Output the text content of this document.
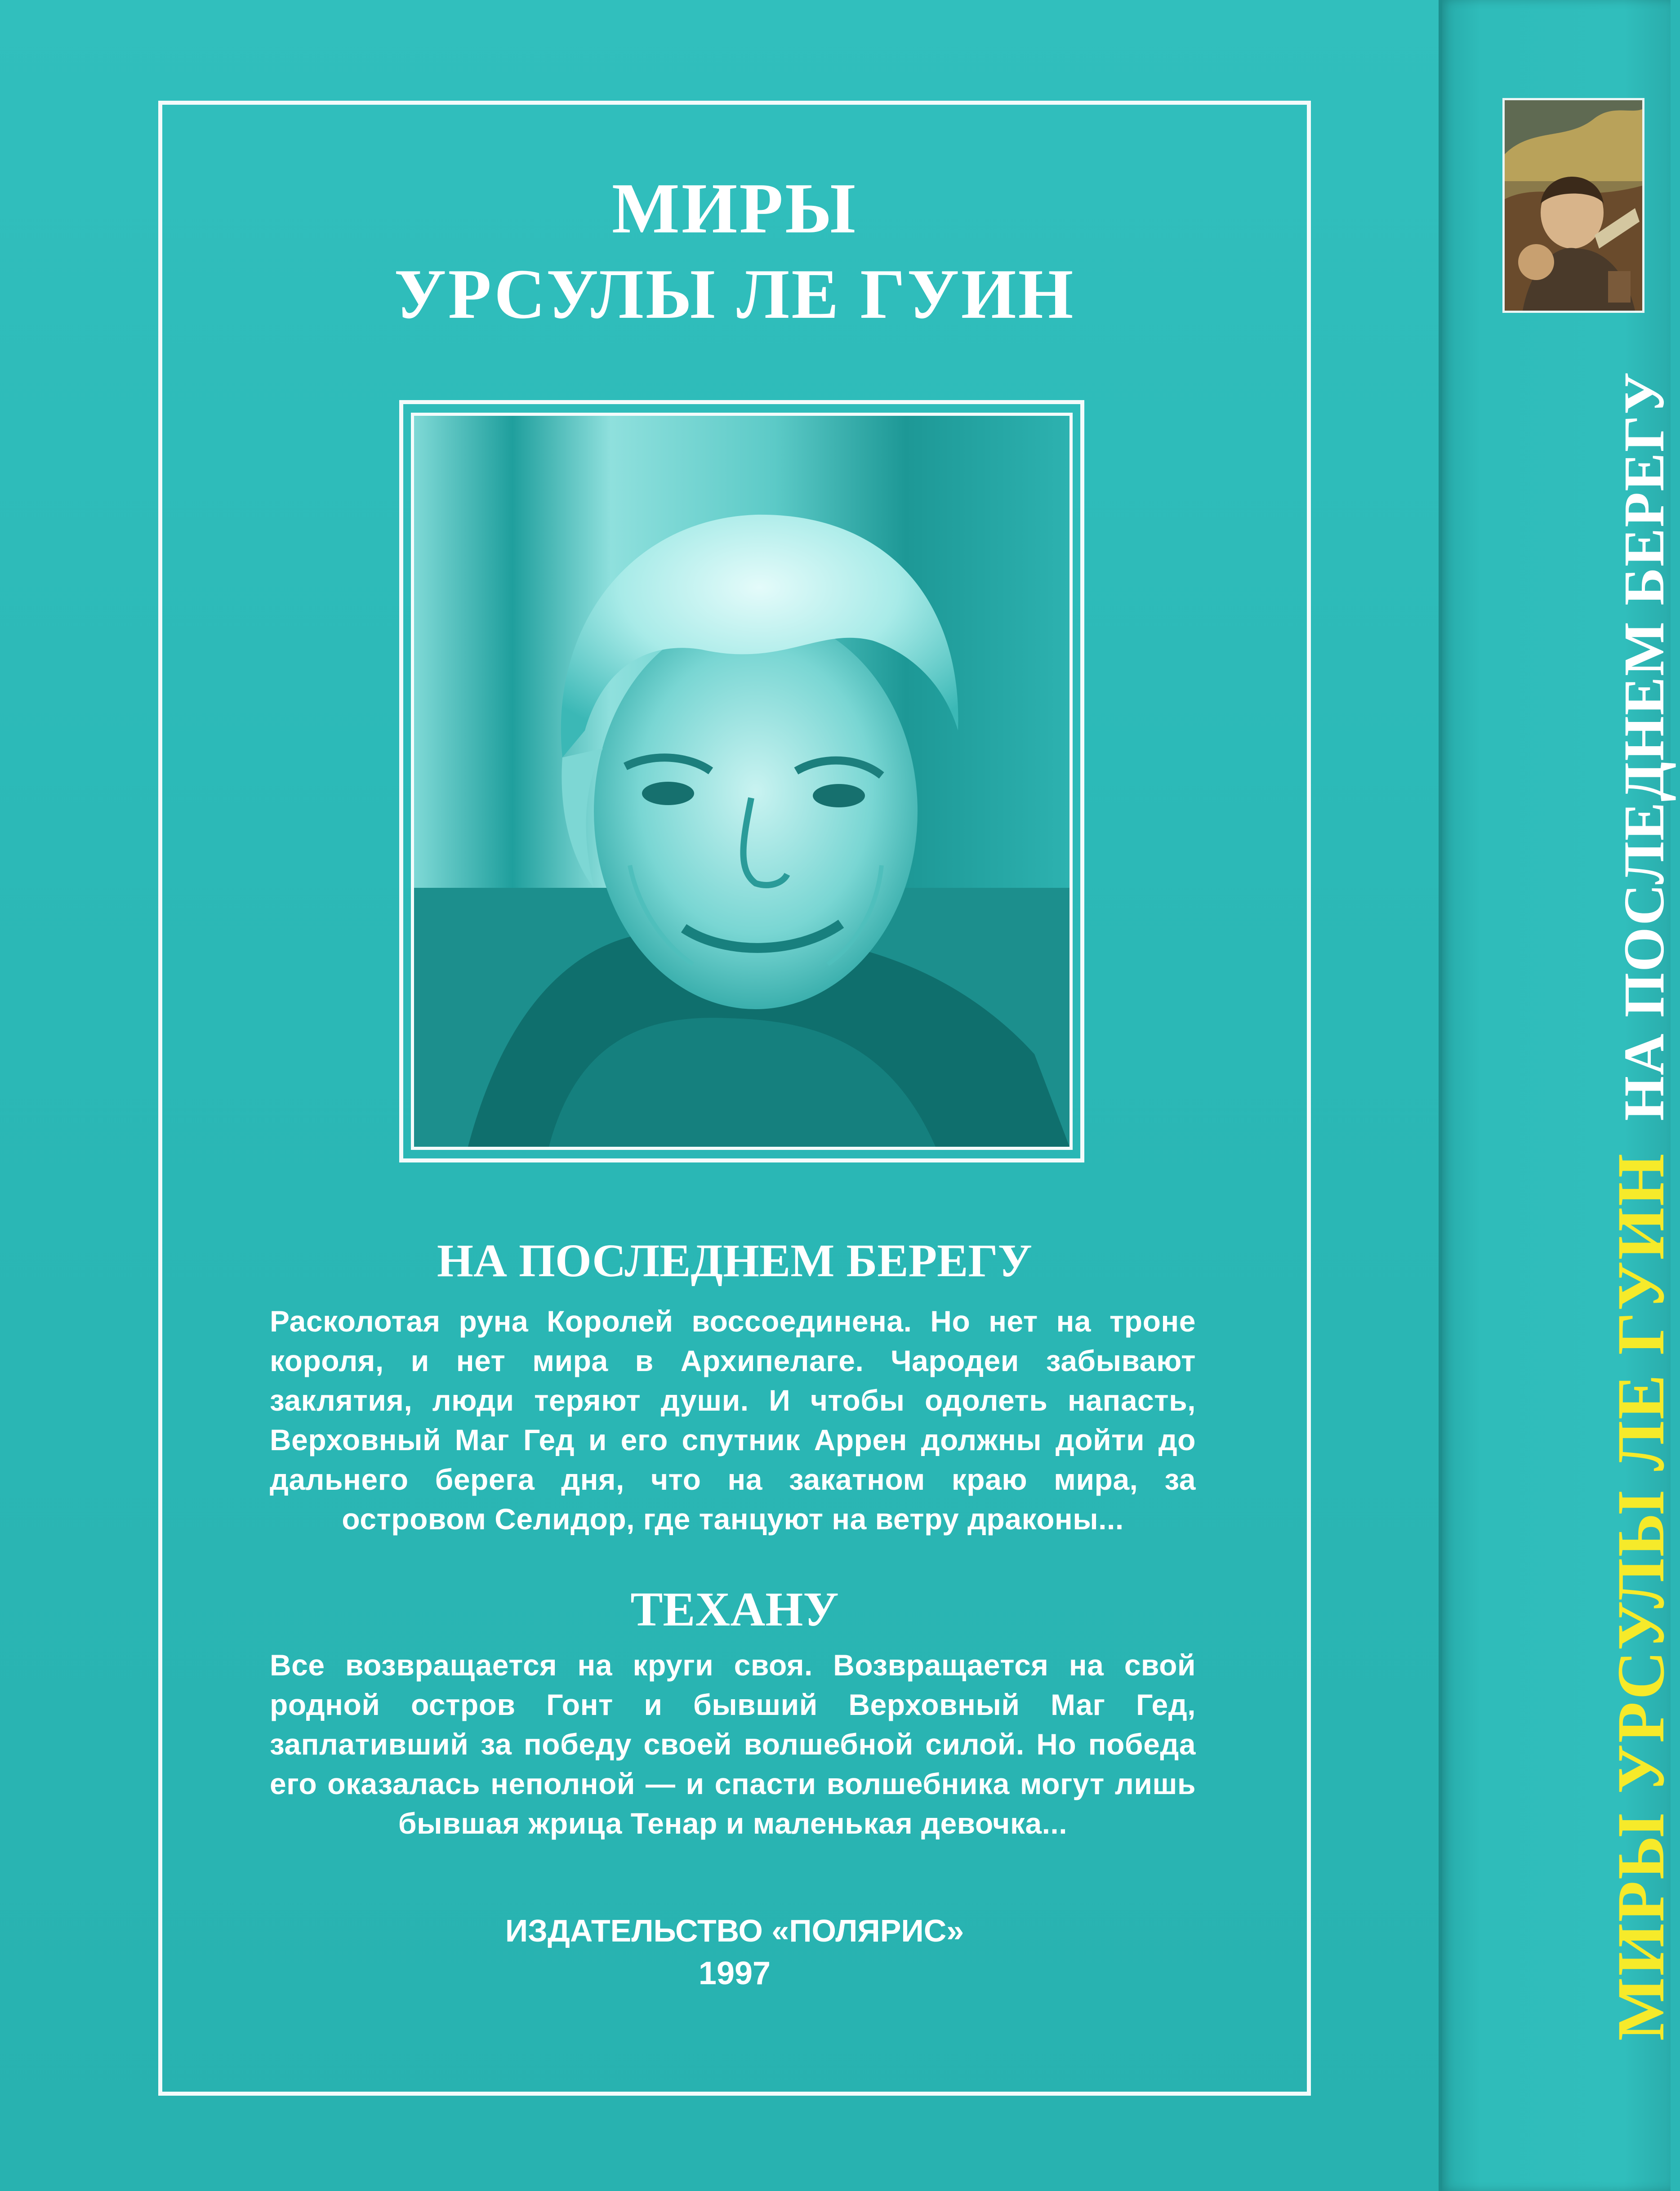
МИРЫ
УРСУЛЫ ЛЕ ГУИН
НА ПОСЛЕДНЕМ БЕРЕГУ

Расколотая руна Королей воссоединена. Но нет на троне короля, и нет мира в Архипелаге. Чародеи забывают заклятия, люди теряют души. И чтобы одолеть напасть, Верховный Маг Гед и его спутник Аррен должны дойти до дальнего берега дня, что на закатном краю мира, за островом Селидор, где танцуют на ветру драконы...

ТЕХАНУ

Все возвращается на круги своя. Возвращается на свой родной остров Гонт и бывший Верховный Маг Гед, заплативший за победу своей волшебной силой. Но победа его оказалась неполной — и спасти волшебника могут лишь бывшая жрица Тенар и маленькая девочка...

ИЗДАТЕЛЬСТВО «ПОЛЯРИС»

1997	МИРЫ УРСУЛЫ ЛЕ ГУИННА ПОСЛЕДНЕМ БЕРЕГУ
